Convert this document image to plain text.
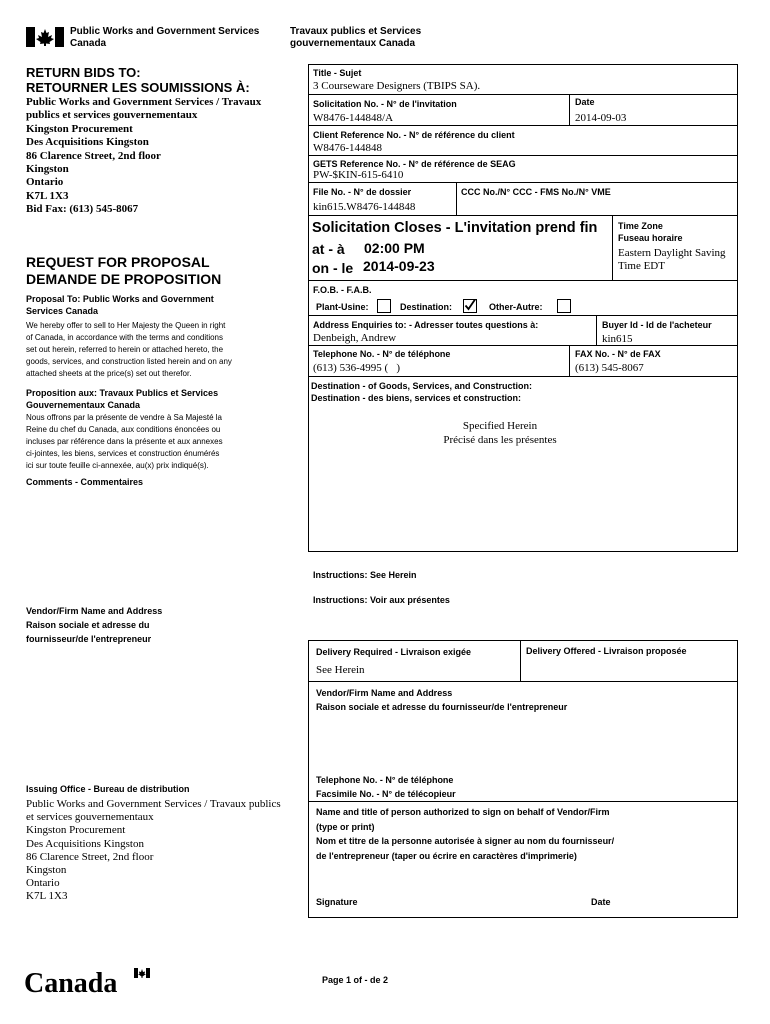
Public Works and Government Services
Canada
Travaux publics et Services
gouvernementaux Canada
RETURN BIDS TO:
RETOURNER LES SOUMISSIONS À:
Public Works and Government Services / Travaux
publics et services gouvernementaux
Kingston Procurement
Des Acquisitions Kingston
86 Clarence Street, 2nd floor
Kingston
Ontario
K7L 1X3
Bid Fax: (613) 545-8067
REQUEST FOR PROPOSAL
DEMANDE DE PROPOSITION
Proposal To: Public Works and Government
Services Canada
We hereby offer to sell to Her Majesty the Queen in right
of Canada, in accordance with the terms and conditions
set out herein, referred to herein or attached hereto, the
goods, services, and construction listed herein and on any
attached sheets at the price(s) set out therefor.
Proposition aux: Travaux Publics et Services
Gouvernementaux Canada
Nous offrons par la présente de vendre à Sa Majesté la
Reine du chef du Canada, aux conditions énoncées ou
incluses par référence dans la présente et aux annexes
ci-jointes, les biens, services et construction énumérés
ici sur toute feuille ci-annexée, au(x) prix indiqué(s).
Comments - Commentaires
Vendor/Firm Name and Address
Raison sociale et adresse du
fournisseur/de l'entrepreneur
Issuing Office - Bureau de distribution
Public Works and Government Services / Travaux publics
et services gouvernementaux
Kingston Procurement
Des Acquisitions Kingston
86 Clarence Street, 2nd floor
Kingston
Ontario
K7L 1X3
Title - Sujet
3 Courseware Designers (TBIPS SA).
Solicitation No. - N° de l'invitation
W8476-144848/A
Date
2014-09-03
Client Reference No. - N° de référence du client
W8476-144848
GETS Reference No. - N° de référence de SEAG
PW-$KIN-615-6410
File No. - N° de dossier
kin615.W8476-144848
CCC No./N° CCC - FMS No./N° VME
Solicitation Closes - L'invitation prend fin
at - à 02:00 PM
on - le 2014-09-23
Time Zone
Fuseau horaire
Eastern Daylight Saving
Time EDT
F.O.B. - F.A.B.
Plant-Usine:	Destination:	Other-Autre:
Address Enquiries to: - Adresser toutes questions à:
Denbeigh, Andrew
Buyer Id - Id de l'acheteur
kin615
Telephone No. - N° de téléphone
(613) 536-4995 (   )
FAX No. - N° de FAX
(613) 545-8067
Destination - of Goods, Services, and Construction:
Destination - des biens, services et construction:
Specified Herein
Précisé dans les présentes
Instructions: See Herein
Instructions: Voir aux présentes
Delivery Required - Livraison exigée
See Herein
Delivery Offered - Livraison proposée
Vendor/Firm Name and Address
Raison sociale et adresse du fournisseur/de l'entrepreneur
Telephone No. - N° de téléphone
Facsimile No. - N° de télécopieur
Name and title of person authorized to sign on behalf of Vendor/Firm
(type or print)
Nom et titre de la personne autorisée à signer au nom du fournisseur/
de l'entrepreneur (taper ou écrire en caractères d'imprimerie)
Signature	Date
Canada	Page 1 of - de 2
